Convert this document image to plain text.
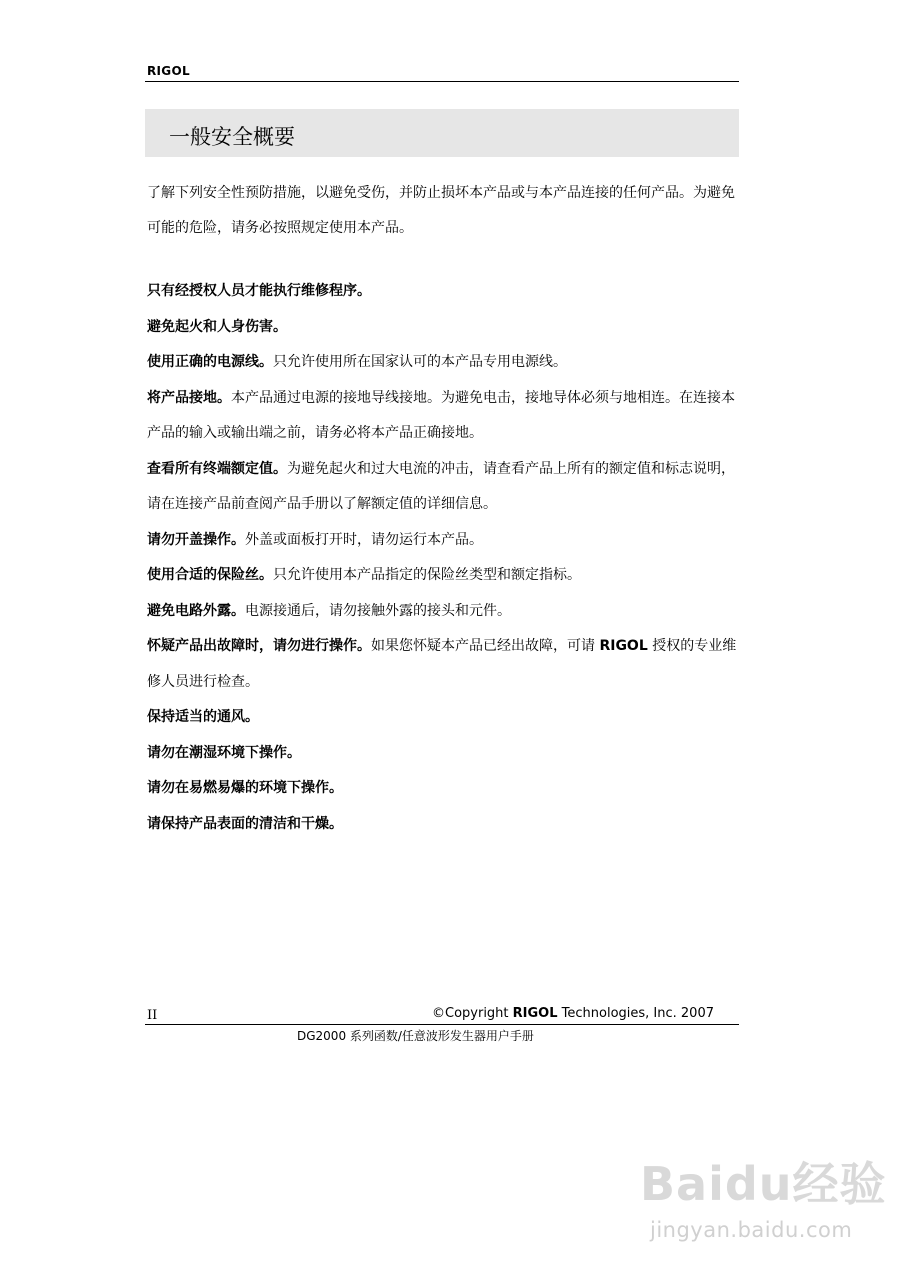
RIGOL
一般安全概要
了解下列安全性预防措施，以避免受伤，并防止损坏本产品或与本产品连接的任何产品。为避免可能的危险，请务必按照规定使用本产品。

只有经授权人员才能执行维修程序。

避免起火和人身伤害。

使用正确的电源线。只允许使用所在国家认可的本产品专用电源线。

将产品接地。本产品通过电源的接地导线接地。为避免电击，接地导体必须与地相连。在连接本产品的输入或输出端之前，请务必将本产品正确接地。

查看所有终端额定值。为避免起火和过大电流的冲击，请查看产品上所有的额定值和标志说明，请在连接产品前查阅产品手册以了解额定值的详细信息。

请勿开盖操作。外盖或面板打开时，请勿运行本产品。

使用合适的保险丝。只允许使用本产品指定的保险丝类型和额定指标。

避免电路外露。电源接通后，请勿接触外露的接头和元件。

怀疑产品出故障时，请勿进行操作。如果您怀疑本产品已经出故障，可请 RIGOL 授权的专业维修人员进行检查。

保持适当的通风。

请勿在潮湿环境下操作。

请勿在易燃易爆的环境下操作。

请保持产品表面的清洁和干燥。

II	©Copyright RIGOL Technologies, Inc. 2007
DG2000 系列函数/任意波形发生器用户手册
Baidu经验
jingyan.baidu.com
